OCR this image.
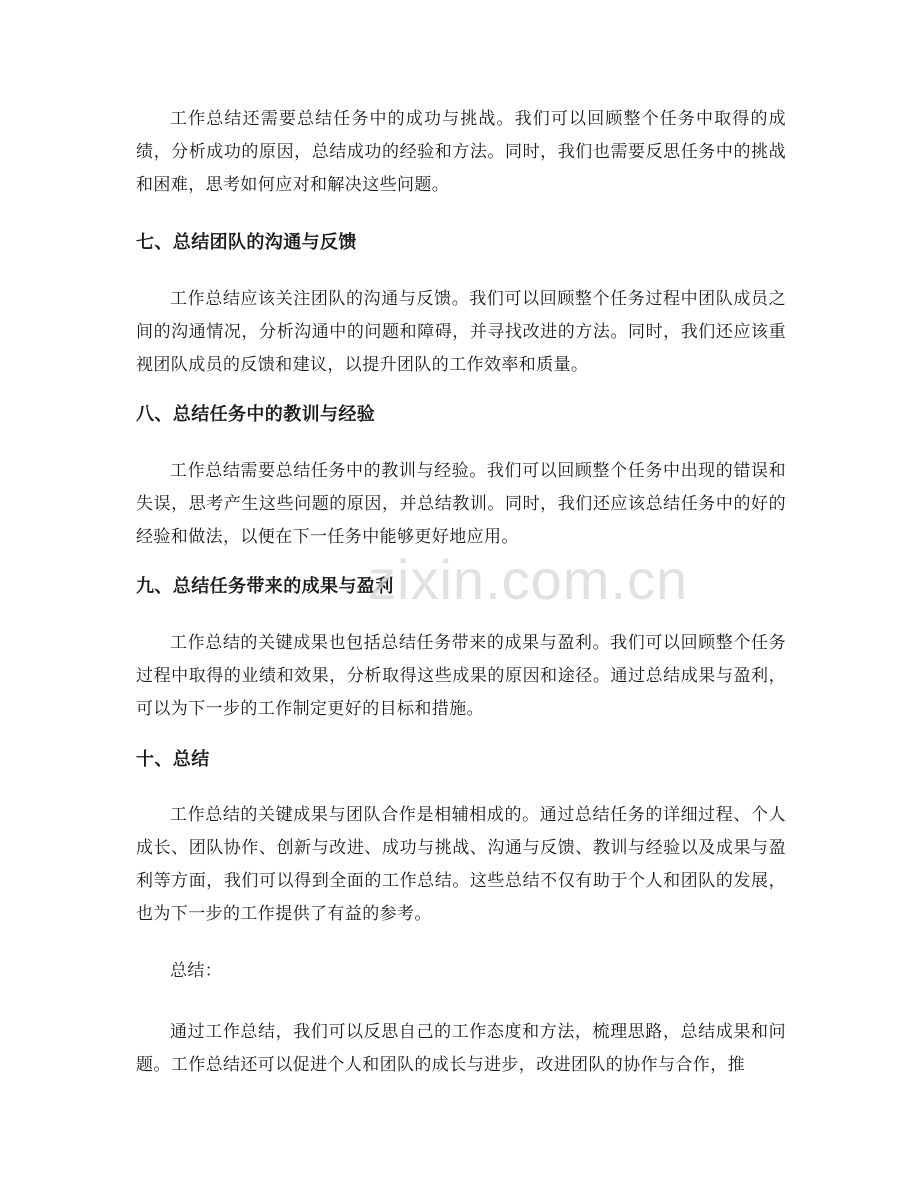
工作总结还需要总结任务中的成功与挑战。我们可以回顾整个任务中取得的成绩，分析成功的原因，总结成功的经验和方法。同时，我们也需要反思任务中的挑战和困难，思考如何应对和解决这些问题。

七、总结团队的沟通与反馈

工作总结应该关注团队的沟通与反馈。我们可以回顾整个任务过程中团队成员之间的沟通情况，分析沟通中的问题和障碍，并寻找改进的方法。同时，我们还应该重视团队成员的反馈和建议，以提升团队的工作效率和质量。

八、总结任务中的教训与经验

工作总结需要总结任务中的教训与经验。我们可以回顾整个任务中出现的错误和失误，思考产生这些问题的原因，并总结教训。同时，我们还应该总结任务中的好的经验和做法，以便在下一任务中能够更好地应用。

九、总结任务带来的成果与盈利

工作总结的关键成果也包括总结任务带来的成果与盈利。我们可以回顾整个任务过程中取得的业绩和效果，分析取得这些成果的原因和途径。通过总结成果与盈利，可以为下一步的工作制定更好的目标和措施。

十、总结

工作总结的关键成果与团队合作是相辅相成的。通过总结任务的详细过程、个人成长、团队协作、创新与改进、成功与挑战、沟通与反馈、教训与经验以及成果与盈利等方面，我们可以得到全面的工作总结。这些总结不仅有助于个人和团队的发展，也为下一步的工作提供了有益的参考。

总结：

通过工作总结，我们可以反思自己的工作态度和方法，梳理思路，总结成果和问题。工作总结还可以促进个人和团队的成长与进步，改进团队的协作与合作，推

zixin.com.cn
